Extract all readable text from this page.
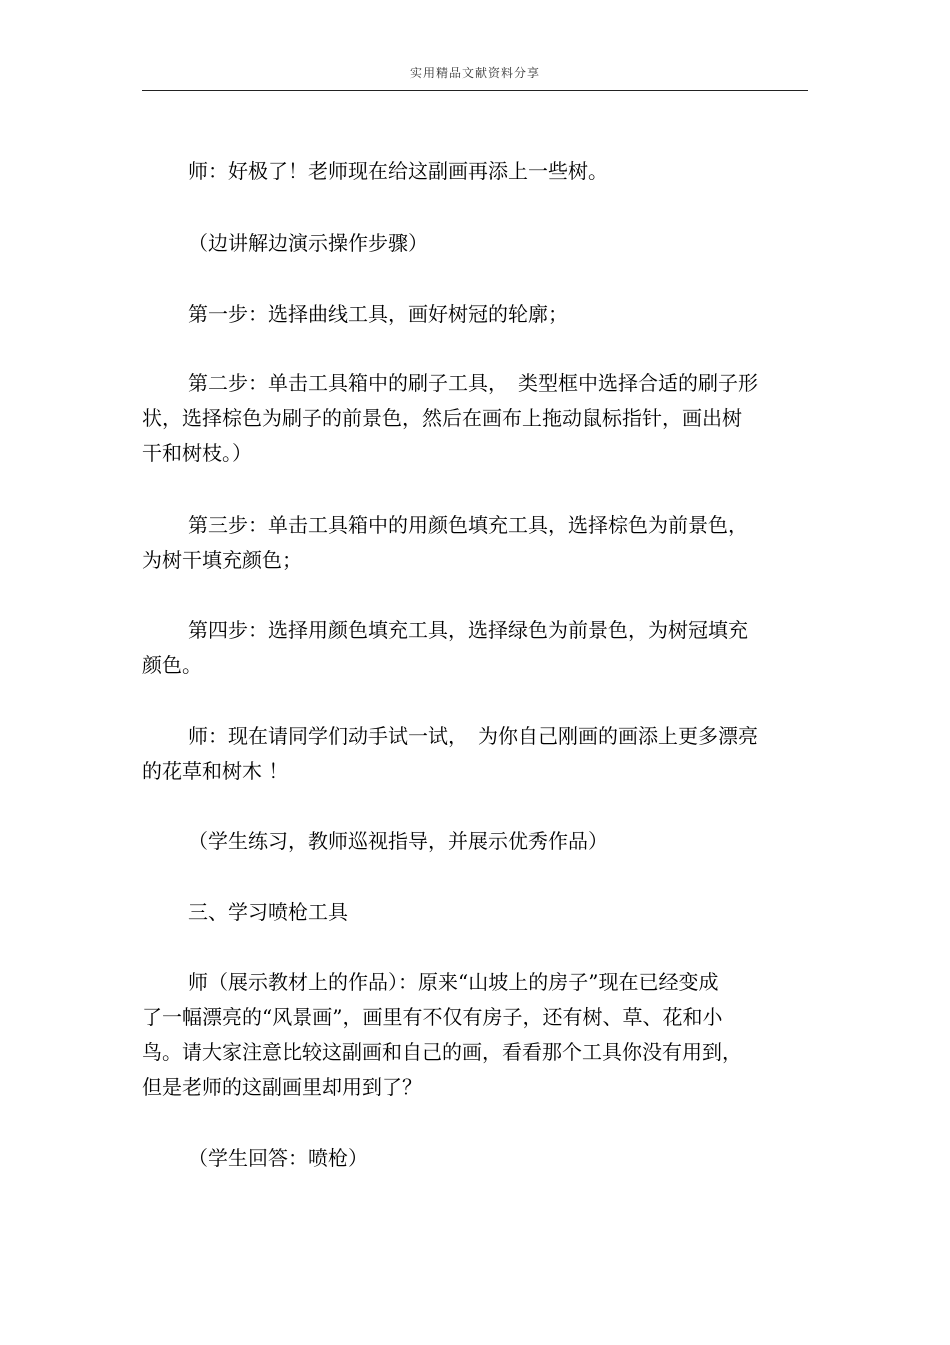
实用精品文献资料分享
师：好极了！老师现在给这副画再添上一些树。
（边讲解边演示操作步骤）
第一步：选择曲线工具，画好树冠的轮廓；
第二步：单击工具箱中的刷子工具，　类型框中选择合适的刷子形
状，选择棕色为刷子的前景色，然后在画布上拖动鼠标指针，画出树
干和树枝。）
第三步：单击工具箱中的用颜色填充工具，选择棕色为前景色，
为树干填充颜色；
第四步：选择用颜色填充工具，选择绿色为前景色，为树冠填充
颜色。
师：现在请同学们动手试一试，　为你自己刚画的画添上更多漂亮
的花草和树木 ！
（学生练习，教师巡视指导，并展示优秀作品）
三、学习喷枪工具
师（展示教材上的作品）：原来“山坡上的房子”现在已经变成
了一幅漂亮的“风景画”，画里有不仅有房子，还有树、草、花和小
鸟。请大家注意比较这副画和自己的画，看看那个工具你没有用到，
但是老师的这副画里却用到了？
（学生回答：喷枪）
